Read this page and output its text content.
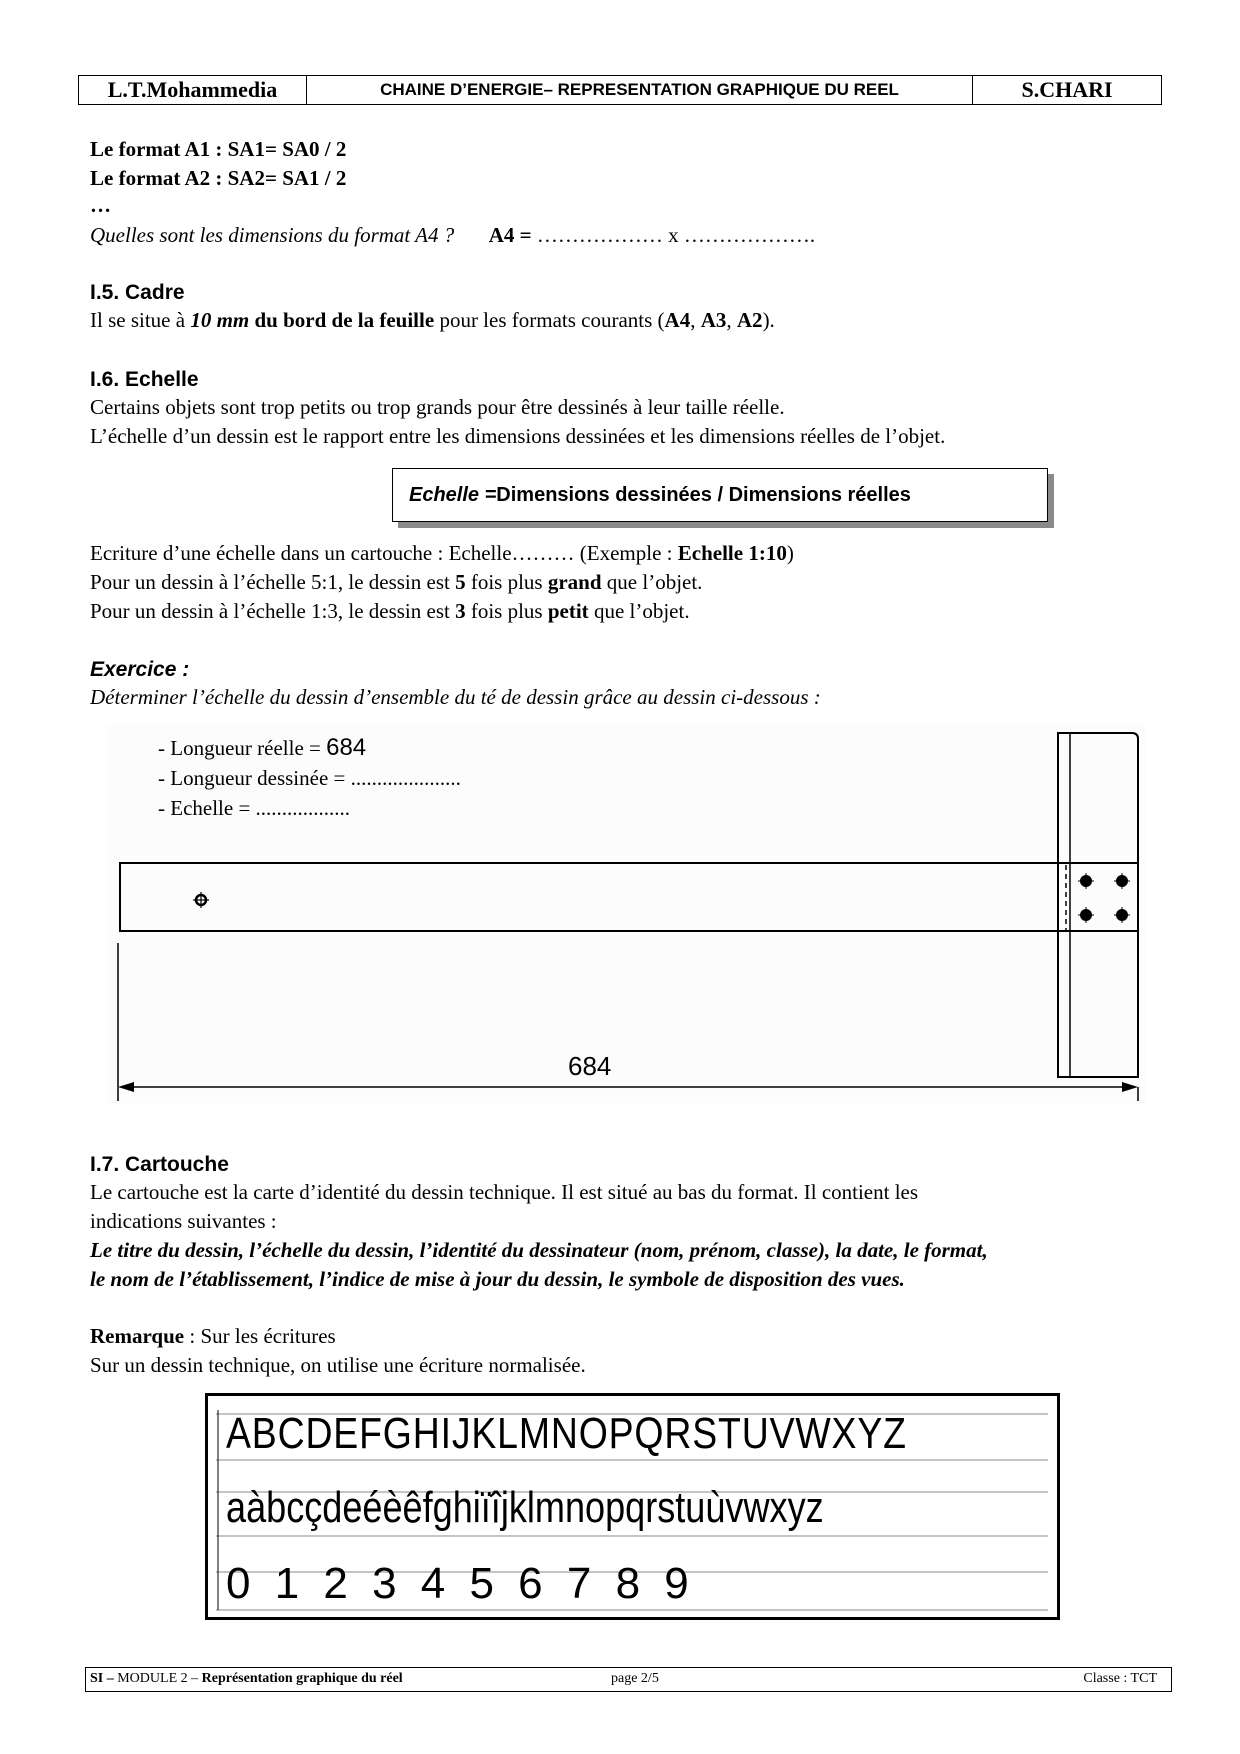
L.T.Mohammedia	CHAINE D’ENERGIE– REPRESENTATION GRAPHIQUE DU REEL	S.CHARI
Le format A1 : SA1= SA0 / 2
Le format A2 : SA2= SA1 / 2
…
Quelles sont les dimensions du format A4 ? A4 = ……………… x ……………….
I.5. Cadre
Il se situe à 10 mm du bord de la feuille pour les formats courants (A4, A3, A2).
I.6. Echelle
Certains objets sont trop petits ou trop grands pour être dessinés à leur taille réelle.
L’échelle d’un dessin est le rapport entre les dimensions dessinées et les dimensions réelles de l’objet.
Echelle = Dimensions dessinées / Dimensions réelles
Ecriture d’une échelle dans un cartouche : Echelle……… (Exemple : Echelle 1:10)
Pour un dessin à l’échelle 5:1, le dessin est 5 fois plus grand que l’objet.
Pour un dessin à l’échelle 1:3, le dessin est 3 fois plus petit que l’objet.
Exercice :
Déterminer l’échelle du dessin d’ensemble du té de dessin grâce au dessin ci-dessous :
- Longueur réelle = 684
- Longueur dessinée = .....................
- Echelle = ..................
684
I.7. Cartouche
Le cartouche est la carte d’identité du dessin technique. Il est situé au bas du format. Il contient les
indications suivantes :
Le titre du dessin, l’échelle du dessin, l’identité du dessinateur (nom, prénom, classe), la date, le format,
le nom de l’établissement, l’indice de mise à jour du dessin, le symbole de disposition des vues.
Remarque : Sur les écritures
Sur un dessin technique, on utilise une écriture normalisée.
ABCDEFGHIJKLMNOPQRSTUVWXYZ
aàbcçdeéèêfghiïîjklmnopqrstuùvwxyz
0 1 2 3 4 5 6 7 8 9
SI – MODULE 2 – Représentation graphique du réel	page 2/5	Classe : TCT
